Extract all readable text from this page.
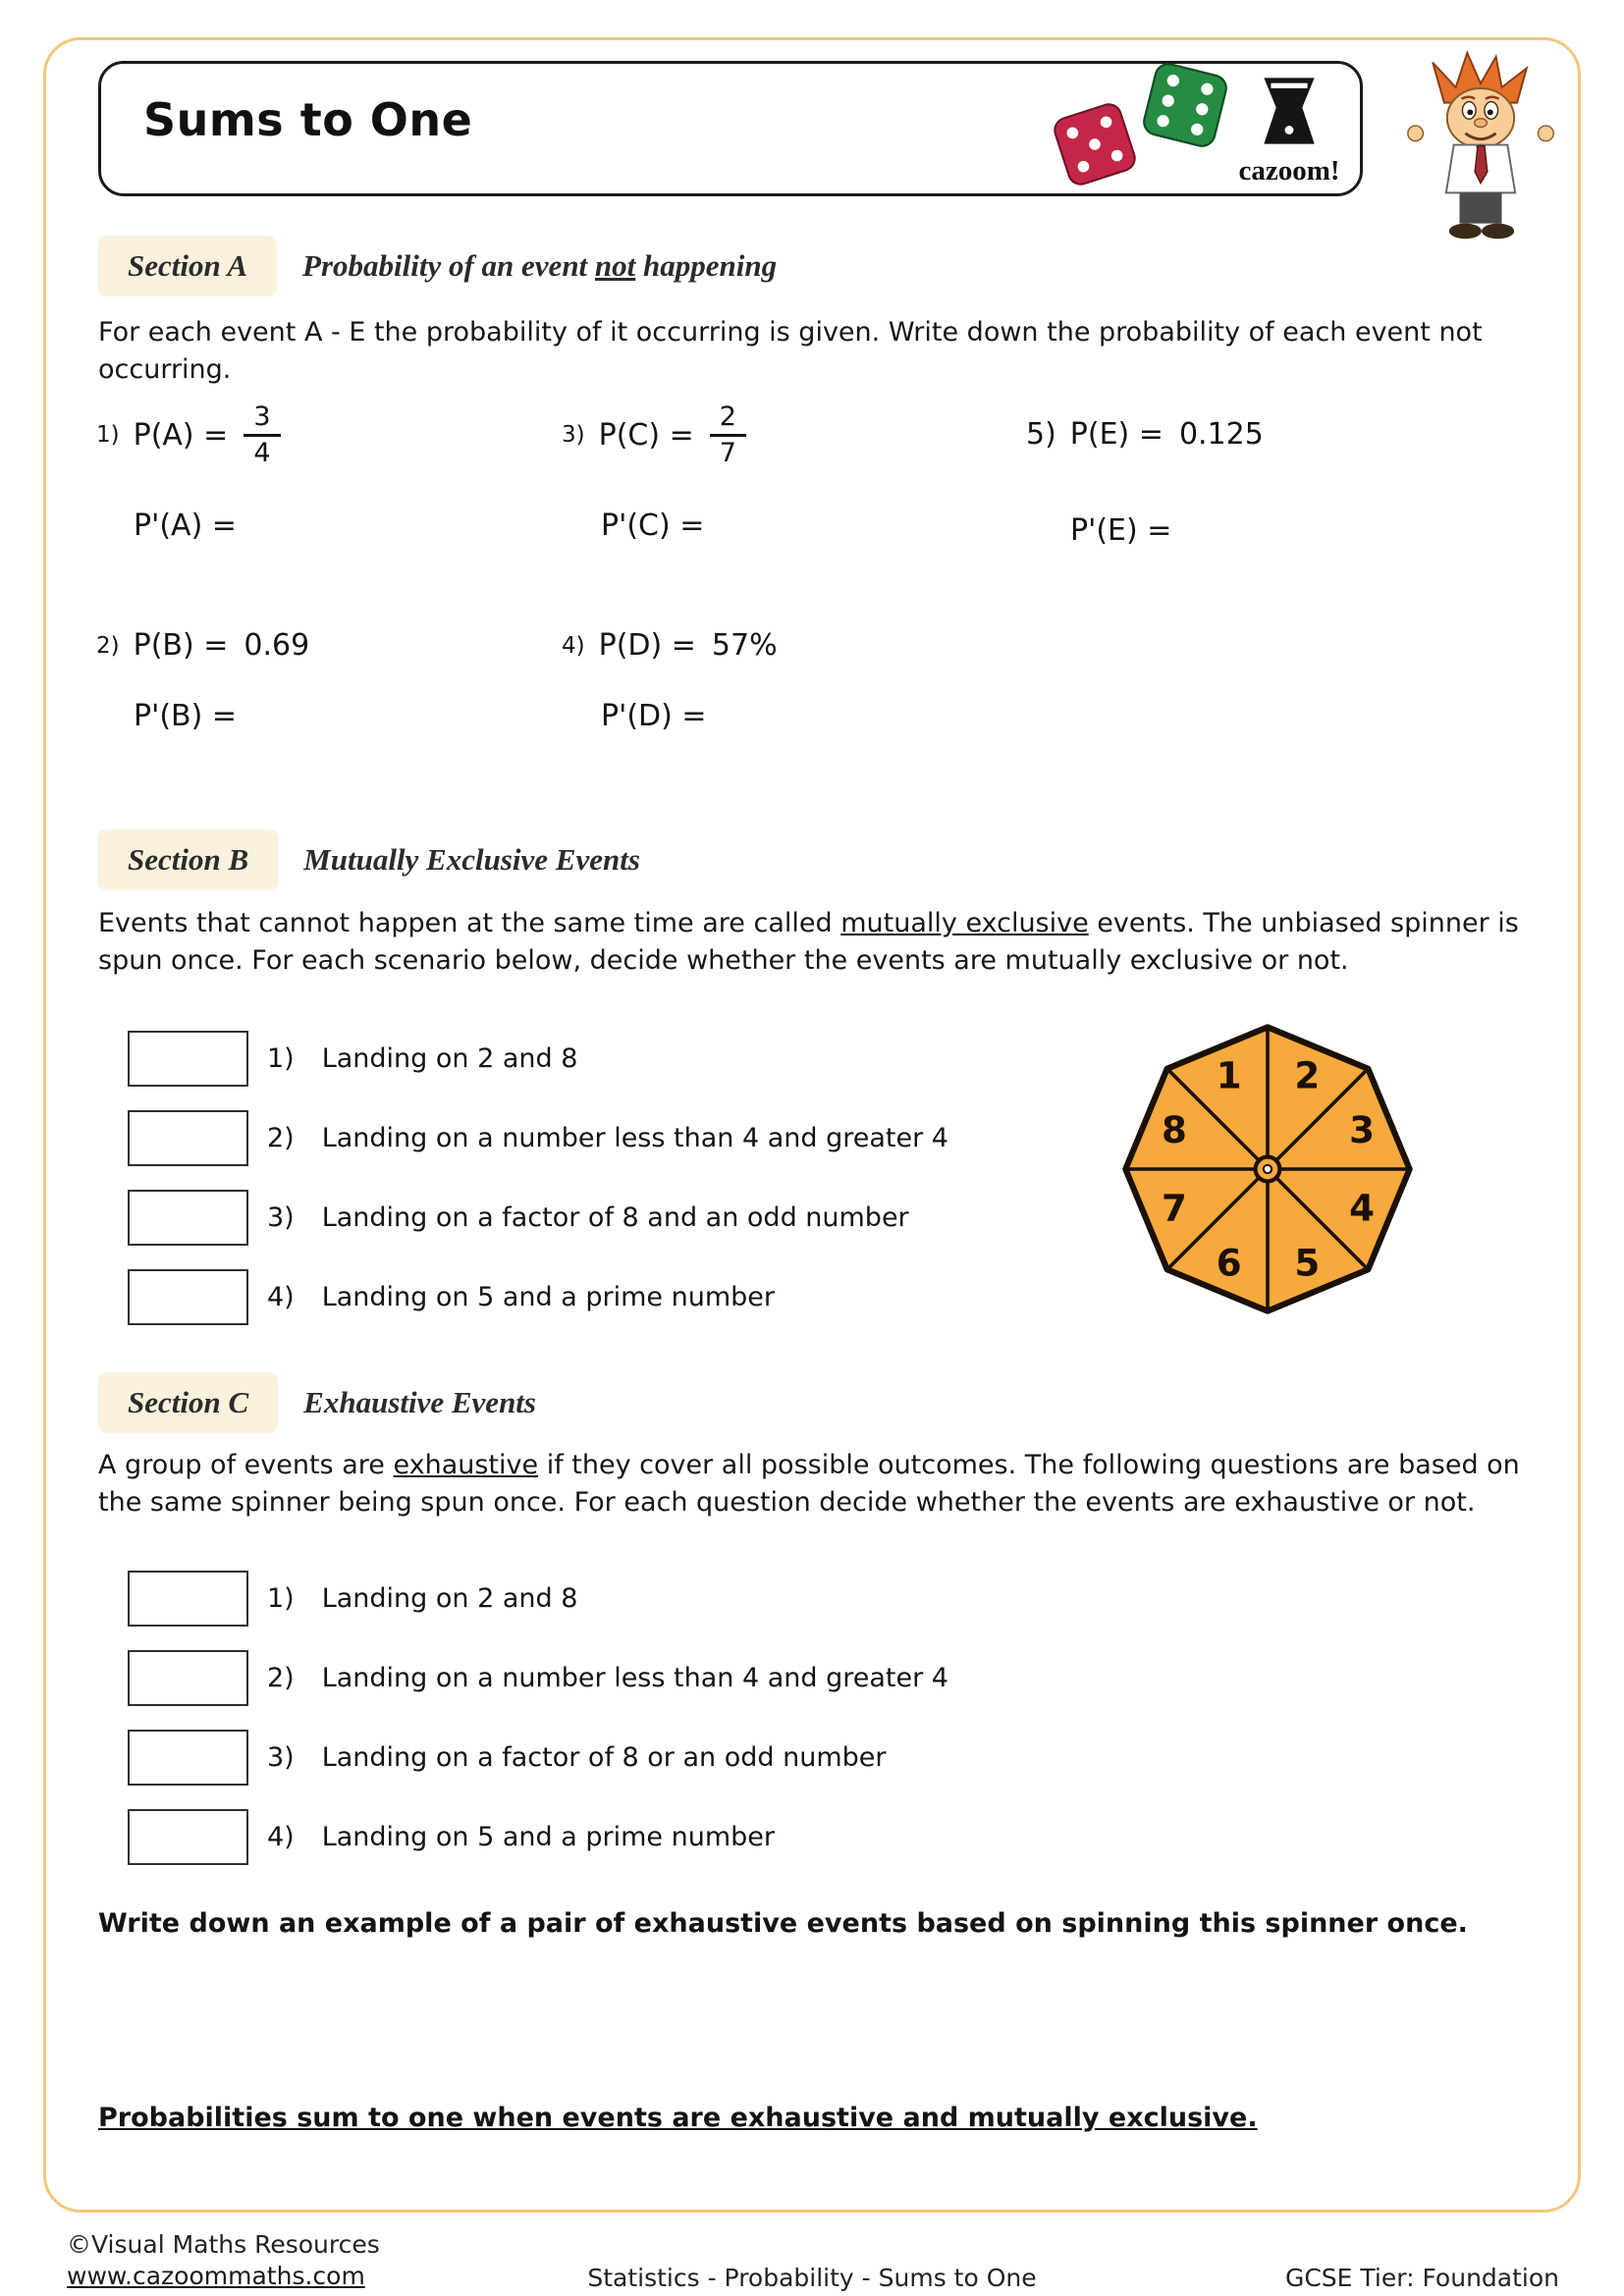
Sums to One
cazoom!
Section A	Probability of an event not happening
For each event A - E the probability of it occurring is given. Write down the probability of each event not occurring.
1) $P(A) = \frac{3}{4}$
P'(A) =
3) $P(C) = \frac{2}{7}$
P'(C) =
5) P(E) = 0.125
P'(E) =
2) P(B) = 0.69
P'(B) =
4) P(D) = 57%
P'(D) =
Section B	Mutually Exclusive Events
Events that cannot happen at the same time are called mutually exclusive events. The unbiased spinner is spun once. For each scenario below, decide whether the events are mutually exclusive or not.
1) Landing on 2 and 8
2) Landing on a number less than 4 and greater 4
3) Landing on a factor of 8 and an odd number
4) Landing on 5 and a prime number
1 2
3
4
5
6
7
8
Section C	Exhaustive Events
A group of events are exhaustive if they cover all possible outcomes. The following questions are based on the same spinner being spun once. For each question decide whether the events are exhaustive or not.
1) Landing on 2 and 8
2) Landing on a number less than 4 and greater 4
3) Landing on a factor of 8 or an odd number
4) Landing on 5 and a prime number
Write down an example of a pair of exhaustive events based on spinning this spinner once.
Probabilities sum to one when events are exhaustive and mutually exclusive.
©Visual Maths Resources
www.cazoommaths.com	Statistics - Probability - Sums to One	GCSE Tier: Foundation
